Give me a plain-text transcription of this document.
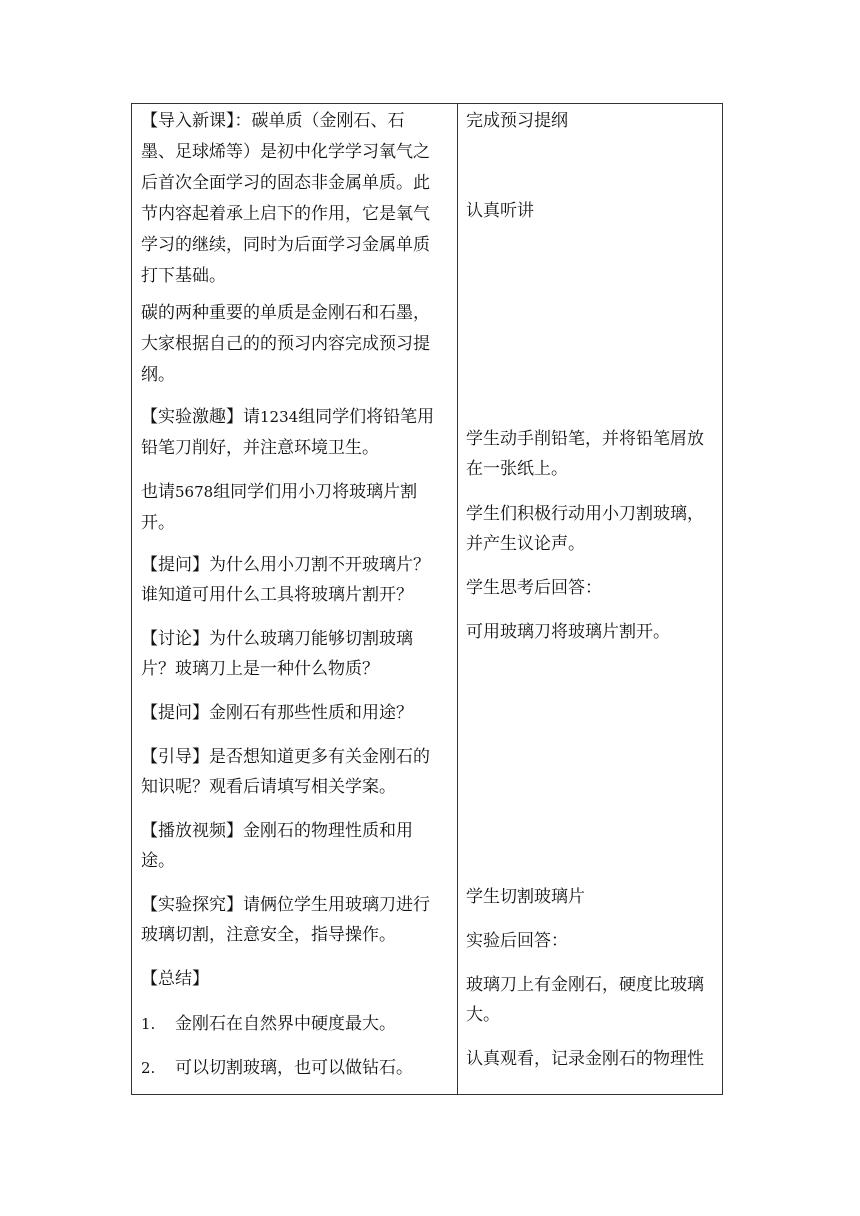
【导入新课】：碳单质（金刚石、石
墨、足球烯等）是初中化学学习氧气之
后首次全面学习的固态非金属单质。此
节内容起着承上启下的作用，它是氧气
学习的继续，同时为后面学习金属单质
打下基础。
碳的两种重要的单质是金刚石和石墨，
大家根据自己的的预习内容完成预习提
纲。
【实验激趣】请1234组同学们将铅笔用
铅笔刀削好，并注意环境卫生。
也请5678组同学们用小刀将玻璃片割
开。
【提问】为什么用小刀割不开玻璃片？
谁知道可用什么工具将玻璃片割开？
【讨论】为什么玻璃刀能够切割玻璃
片？玻璃刀上是一种什么物质？
【提问】金刚石有那些性质和用途？
【引导】是否想知道更多有关金刚石的
知识呢？观看后请填写相关学案。
【播放视频】金刚石的物理性质和用
途。
【实验探究】请俩位学生用玻璃刀进行
玻璃切割，注意安全，指导操作。
【总结】
1. 金刚石在自然界中硬度最大。
2. 可以切割玻璃，也可以做钻石。
完成预习提纲
认真听讲
学生动手削铅笔，并将铅笔屑放
在一张纸上。
学生们积极行动用小刀割玻璃，
并产生议论声。
学生思考后回答：
可用玻璃刀将玻璃片割开。
学生切割玻璃片
实验后回答：
玻璃刀上有金刚石，硬度比玻璃
大。
认真观看，记录金刚石的物理性
